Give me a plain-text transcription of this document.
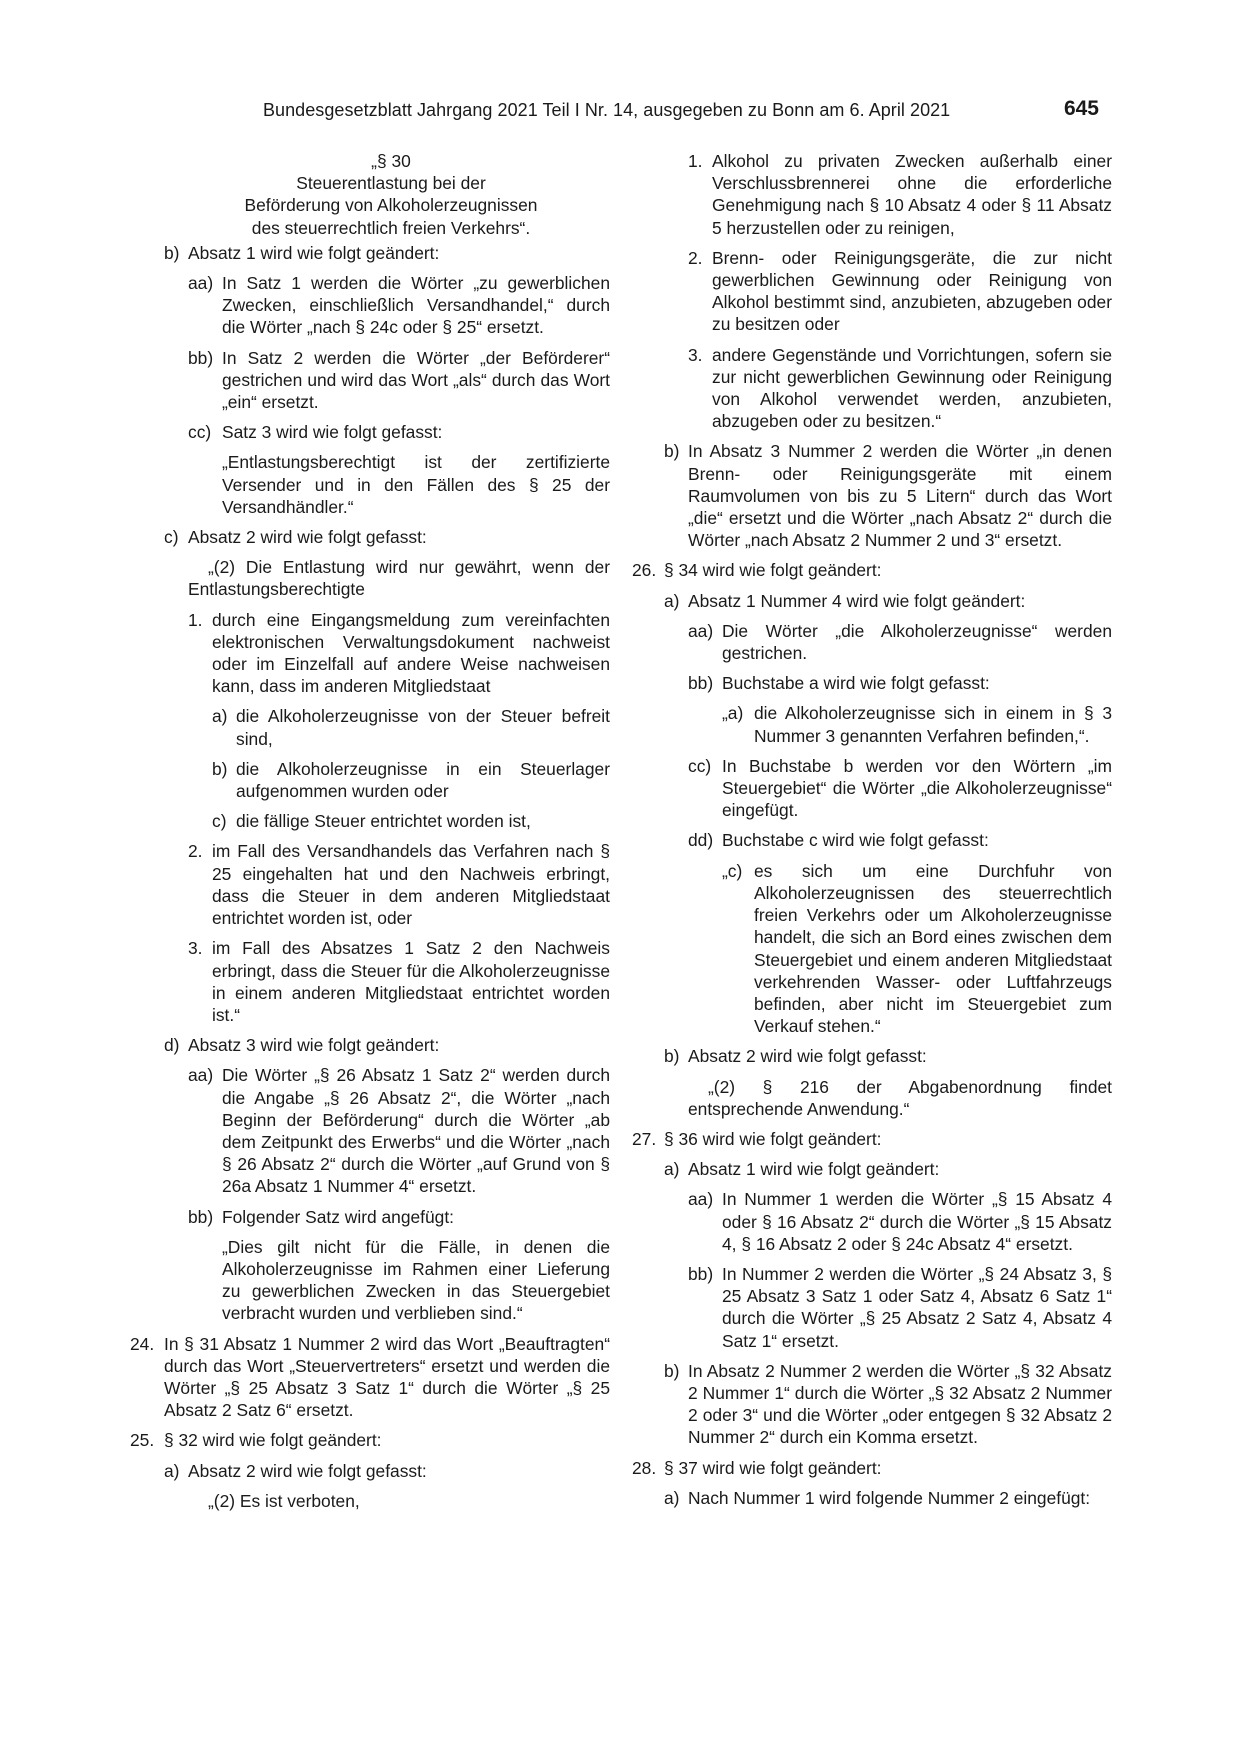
Bundesgesetzblatt Jahrgang 2021 Teil I Nr. 14, ausgegeben zu Bonn am 6. April 2021	645
„§ 30
Steuerentlastung bei der
Beförderung von Alkoholerzeugnissen
des steuerrechtlich freien Verkehrs“.
b) Absatz 1 wird wie folgt geändert:
aa) In Satz 1 werden die Wörter „zu gewerblichen Zwecken, einschließlich Versandhandel,“ durch die Wörter „nach § 24c oder § 25“ ersetzt.
bb) In Satz 2 werden die Wörter „der Beförderer“ gestrichen und wird das Wort „als“ durch das Wort „ein“ ersetzt.
cc) Satz 3 wird wie folgt gefasst:
„Entlastungsberechtigt ist der zertifizierte Versender und in den Fällen des § 25 der Versandhändler.“
c) Absatz 2 wird wie folgt gefasst:
„(2) Die Entlastung wird nur gewährt, wenn der Entlastungsberechtigte
1. durch eine Eingangsmeldung zum vereinfachten elektronischen Verwaltungsdokument nachweist oder im Einzelfall auf andere Weise nachweisen kann, dass im anderen Mitgliedstaat
a) die Alkoholerzeugnisse von der Steuer befreit sind,
b) die Alkoholerzeugnisse in ein Steuerlager aufgenommen wurden oder
c) die fällige Steuer entrichtet worden ist,
2. im Fall des Versandhandels das Verfahren nach § 25 eingehalten hat und den Nachweis erbringt, dass die Steuer in dem anderen Mitgliedstaat entrichtet worden ist, oder
3. im Fall des Absatzes 1 Satz 2 den Nachweis erbringt, dass die Steuer für die Alkoholerzeugnisse in einem anderen Mitgliedstaat entrichtet worden ist.“
d) Absatz 3 wird wie folgt geändert:
aa) Die Wörter „§ 26 Absatz 1 Satz 2“ werden durch die Angabe „§ 26 Absatz 2“, die Wörter „nach Beginn der Beförderung“ durch die Wörter „ab dem Zeitpunkt des Erwerbs“ und die Wörter „nach § 26 Absatz 2“ durch die Wörter „auf Grund von § 26a Absatz 1 Nummer 4“ ersetzt.
bb) Folgender Satz wird angefügt:
„Dies gilt nicht für die Fälle, in denen die Alkoholerzeugnisse im Rahmen einer Lieferung zu gewerblichen Zwecken in das Steuergebiet verbracht wurden und verblieben sind.“
24. In § 31 Absatz 1 Nummer 2 wird das Wort „Beauftragten“ durch das Wort „Steuervertreters“ ersetzt und werden die Wörter „§ 25 Absatz 3 Satz 1“ durch die Wörter „§ 25 Absatz 2 Satz 6“ ersetzt.
25. § 32 wird wie folgt geändert:
a) Absatz 2 wird wie folgt gefasst:
„(2) Es ist verboten,
1. Alkohol zu privaten Zwecken außerhalb einer Verschlussbrennerei ohne die erforderliche Genehmigung nach § 10 Absatz 4 oder § 11 Absatz 5 herzustellen oder zu reinigen,
2. Brenn- oder Reinigungsgeräte, die zur nicht gewerblichen Gewinnung oder Reinigung von Alkohol bestimmt sind, anzubieten, abzugeben oder zu besitzen oder
3. andere Gegenstände und Vorrichtungen, sofern sie zur nicht gewerblichen Gewinnung oder Reinigung von Alkohol verwendet werden, anzubieten, abzugeben oder zu besitzen.“
b) In Absatz 3 Nummer 2 werden die Wörter „in denen Brenn- oder Reinigungsgeräte mit einem Raumvolumen von bis zu 5 Litern“ durch das Wort „die“ ersetzt und die Wörter „nach Absatz 2“ durch die Wörter „nach Absatz 2 Nummer 2 und 3“ ersetzt.
26. § 34 wird wie folgt geändert:
a) Absatz 1 Nummer 4 wird wie folgt geändert:
aa) Die Wörter „die Alkoholerzeugnisse“ werden gestrichen.
bb) Buchstabe a wird wie folgt gefasst:
„a) die Alkoholerzeugnisse sich in einem in § 3 Nummer 3 genannten Verfahren befinden,“.
cc) In Buchstabe b werden vor den Wörtern „im Steuergebiet“ die Wörter „die Alkoholerzeugnisse“ eingefügt.
dd) Buchstabe c wird wie folgt gefasst:
„c) es sich um eine Durchfuhr von Alkoholerzeugnissen des steuerrechtlich freien Verkehrs oder um Alkoholerzeugnisse handelt, die sich an Bord eines zwischen dem Steuergebiet und einem anderen Mitgliedstaat verkehrenden Wasser- oder Luftfahrzeugs befinden, aber nicht im Steuergebiet zum Verkauf stehen.“
b) Absatz 2 wird wie folgt gefasst:
„(2) § 216 der Abgabenordnung findet entsprechende Anwendung.“
27. § 36 wird wie folgt geändert:
a) Absatz 1 wird wie folgt geändert:
aa) In Nummer 1 werden die Wörter „§ 15 Absatz 4 oder § 16 Absatz 2“ durch die Wörter „§ 15 Absatz 4, § 16 Absatz 2 oder § 24c Absatz 4“ ersetzt.
bb) In Nummer 2 werden die Wörter „§ 24 Absatz 3, § 25 Absatz 3 Satz 1 oder Satz 4, Absatz 6 Satz 1“ durch die Wörter „§ 25 Absatz 2 Satz 4, Absatz 4 Satz 1“ ersetzt.
b) In Absatz 2 Nummer 2 werden die Wörter „§ 32 Absatz 2 Nummer 1“ durch die Wörter „§ 32 Absatz 2 Nummer 2 oder 3“ und die Wörter „oder entgegen § 32 Absatz 2 Nummer 2“ durch ein Komma ersetzt.
28. § 37 wird wie folgt geändert:
a) Nach Nummer 1 wird folgende Nummer 2 eingefügt:
